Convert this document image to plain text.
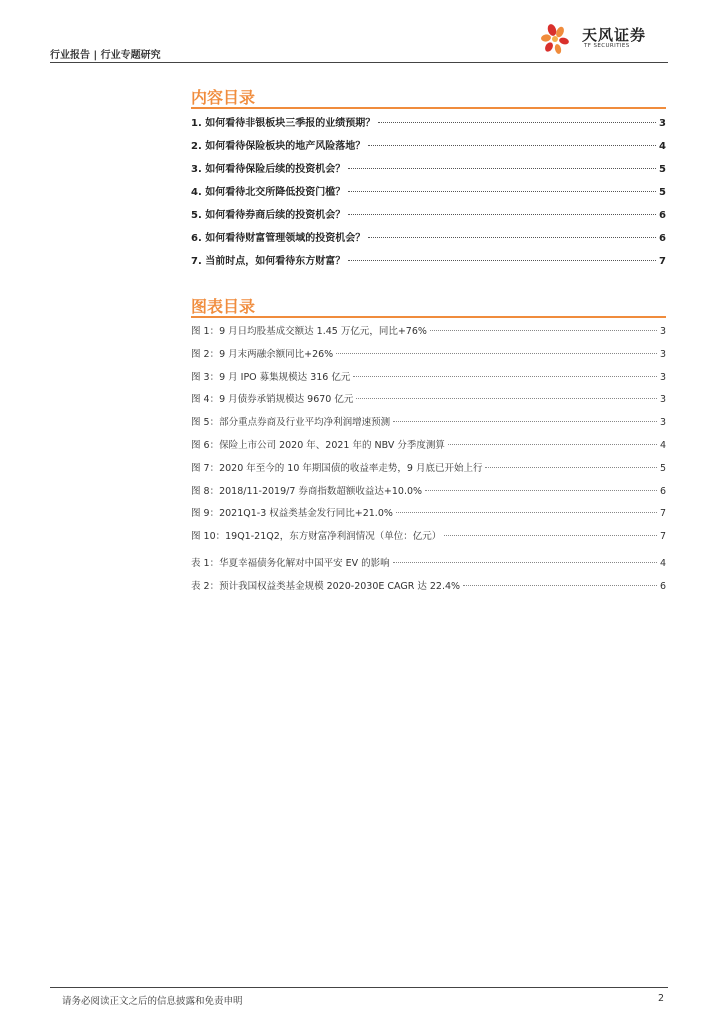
行业报告 | 行业专题研究
天风证券
TF SECURITIES
内容目录
1. 如何看待非银板块三季报的业绩预期？	3
2. 如何看待保险板块的地产风险落地？	4
3. 如何看待保险后续的投资机会？	5
4. 如何看待北交所降低投资门槛？	5
5. 如何看待券商后续的投资机会？	6
6. 如何看待财富管理领域的投资机会？	6
7. 当前时点，如何看待东方财富？	7
图表目录
图 1：9 月日均股基成交额达 1.45 万亿元，同比+76%	3
图 2：9 月末两融余额同比+26%	3
图 3：9 月 IPO 募集规模达 316 亿元	3
图 4：9 月债券承销规模达 9670 亿元	3
图 5：部分重点券商及行业平均净利润增速预测	3
图 6：保险上市公司 2020 年、2021 年的 NBV 分季度测算	4
图 7：2020 年至今的 10 年期国债的收益率走势，9 月底已开始上行	5
图 8：2018/11-2019/7 券商指数超额收益达+10.0%	6
图 9：2021Q1-3 权益类基金发行同比+21.0%	7
图 10：19Q1-21Q2，东方财富净利润情况（单位：亿元）	7
表 1：华夏幸福债务化解对中国平安 EV 的影响	4
表 2：预计我国权益类基金规模 2020-2030E CAGR 达 22.4%	6
请务必阅读正文之后的信息披露和免责申明	2
